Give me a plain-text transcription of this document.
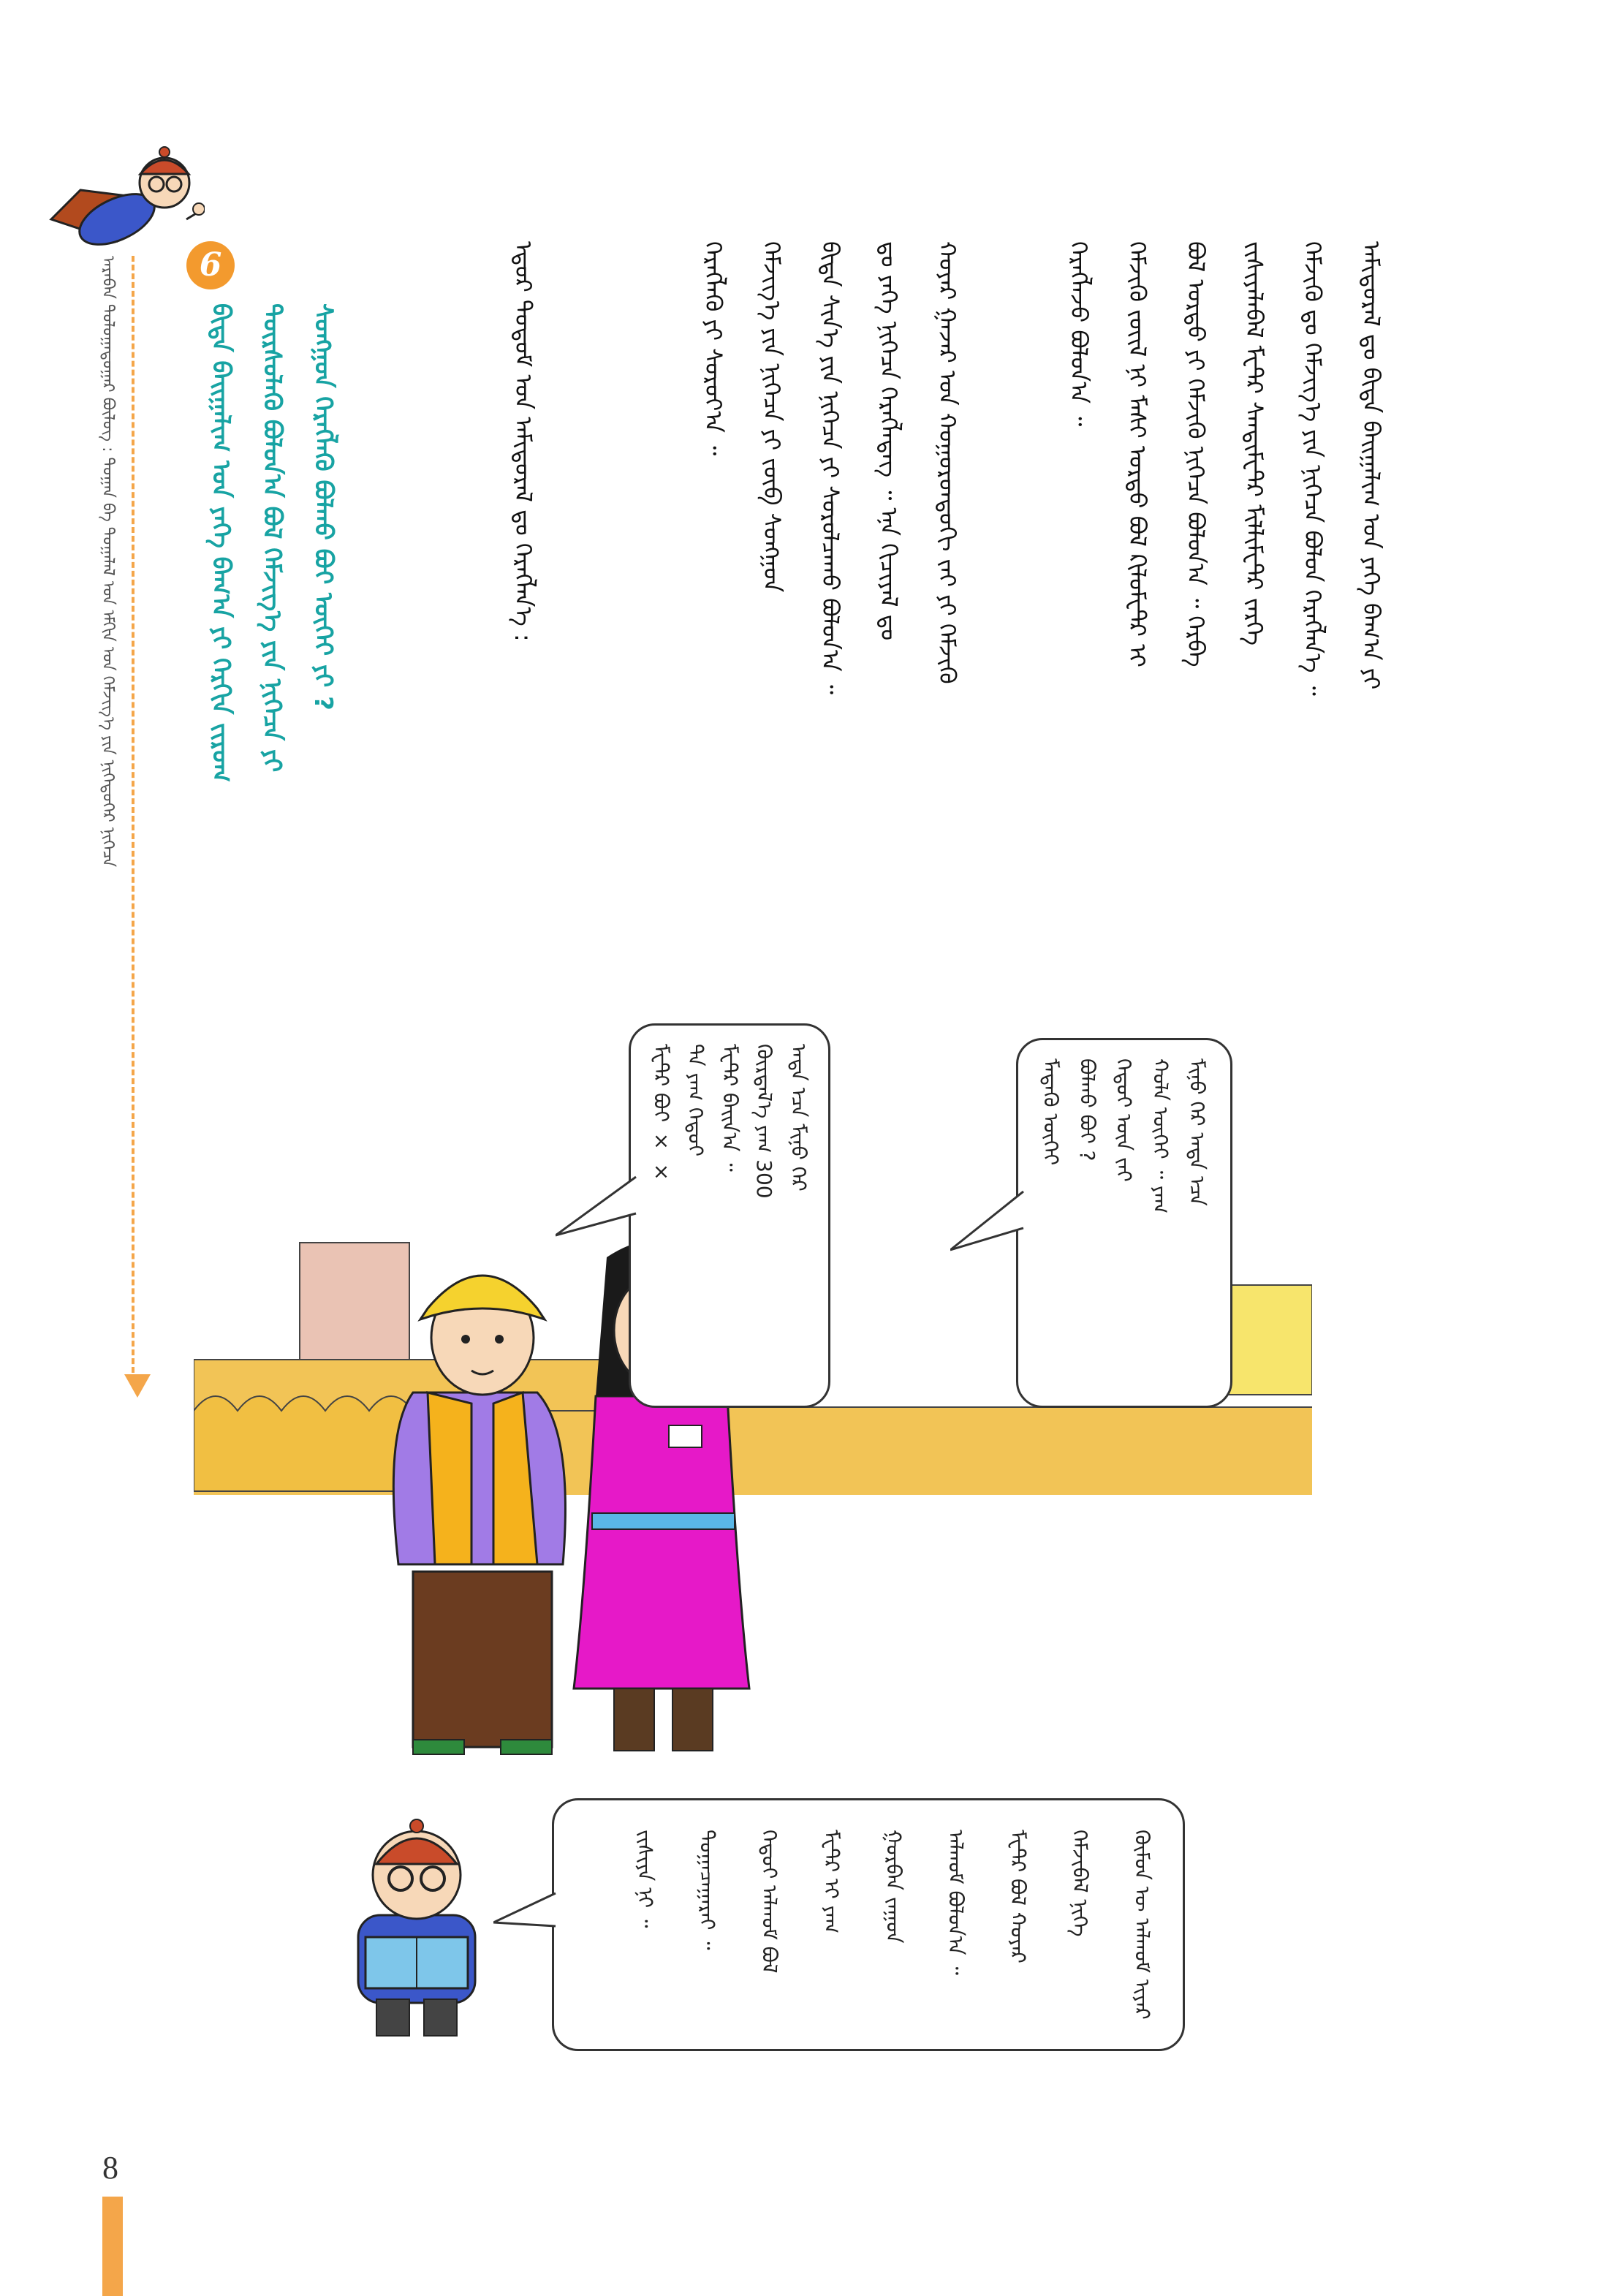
ᠠᠷᠠᠪᠠᠨ ᠳᠣᠯᠣᠭᠠᠳᠤᠭᠠᠷ ᠪᠦᠯᠦᠭ : ᠲᠣᠭᠠᠨ ᠪᠠ ᠲᠣᠭᠠᠯᠠᠯ ᠤᠨ ᠡᠮᠬᠢᠨ ᠤᠨ ᠬᠡᠮᠵᠢᠭ᠎ᠡ ᠶᠢᠨ ᠨᠢᠭᠡᠳᠦᠭᠡᠷ ᠨᠢᠭᠡᠴᠡ	6
ᠪᠢᠳᠡ ᠪᠠᠢᠭᠠᠯᠢᠭ ᠤᠨ ᠶᠡᠬᠡ ᠪᠠᠭ᠎ᠠ ᠶᠢ ᠬᠡᠷᠬᠢᠨ ᠵᠢᠷᠤᠭ ᠳᠦᠷᠰᠦᠯᠡᠬᠦ ᠪᠣᠯᠣᠨ᠎ᠠ ᠪᠣᠯ ᠬᠡᠮᠵᠢᠭ᠎ᠡ ᠶᠢᠨ ᠨᠢᠭᠡᠴᠡ ᠶᠢ ᠰᠣᠩᠭᠣᠨ ᠬᠡᠷᠡᠭᠯᠡᠬᠦ ᠪᠣᠯᠬᠤ ᠪᠤᠢ ᠦᠭᠡᠢ ᠶᠢ ?	ᠠᠮᠢᠳᠤᠷᠠᠯ ᠳᠤ ᠪᠢᠳᠡ ᠪᠠᠢᠭᠠᠯᠢᠭ ᠤᠨ ᠶᠡᠬᠡ ᠪᠠᠭ᠎ᠠ ᠶᠢ
ᠬᠡᠮᠵᠢᠬᠦ ᠳᠤ ᠬᠡᠮᠵᠢᠭ᠎ᠡ ᠶᠢᠨ ᠨᠢᠭᠡᠴᠡ ᠪᠣᠯᠤᠨ ᠬᠡᠷᠡᠭᠯᠡᠨ᠎ᠡ ᠃
ᠵᠢᠱᠢᠶᠡᠯᠡᠪᠡᠯ ᠮᠧᠲᠷ ᠰᠠᠨᠲᠢᠮᠧᠲᠷ ᠮᠢᠯᠯᠢᠮᠧᠲᠷ ᠵᠡᠷᠭᠡ
ᠪᠣᠯ ᠤᠷᠲᠤ ᠶᠢ ᠬᠡᠮᠵᠢᠬᠦ ᠨᠢᠭᠡᠴᠡ ᠪᠣᠯᠤᠨ᠎ᠠ ᠃ ᠬᠡᠷᠪᠡ
ᠬᠡᠮᠵᠢᠬᠦ ᠵᠦᠢᠯ ᠨᠢ ᠮᠠᠰᠢ ᠤᠷᠲᠤ ᠪᠣᠯ ᠺᠢᠯᠣᠮᠧᠲᠷ ᠢ
ᠬᠡᠷᠡᠭᠯᠡᠵᠦ ᠪᠣᠯᠣᠨ᠎ᠠ ᠃
ᠬᠣᠶᠠᠷ ᠭᠠᠵᠠᠷ ᠤᠨ ᠬᠣᠭᠣᠷᠣᠨᠳᠣᠬᠢ ᠵᠠᠢ ᠶᠢ ᠬᠡᠮᠵᠢᠬᠦ
ᠳᠤ ᠶᠡᠬᠡ ᠨᠢᠭᠡᠴᠡ ᠬᠡᠷᠡᠭᠯᠡᠳᠡᠭ ᠃ ᠡᠨᠡ ᠬᠢᠴᠢᠶᠡᠯ ᠳᠤ
ᠪᠢᠳᠡ ᠰᠢᠨ᠎ᠡ ᠶᠢᠨ ᠨᠢᠭᠡᠴᠡ ᠶᠢ ᠰᠤᠷᠤᠯᠴᠠᠬᠤ ᠪᠣᠯᠣᠨ᠎ᠠ ᠃
ᠬᠡᠮᠵᠢᠭ᠎ᠡ ᠶᠢᠨ ᠨᠢᠭᠡᠴᠡ ᠶᠢ ᠵᠥᠪ ᠰᠣᠩᠭᠣᠨ
ᠬᠡᠷᠡᠭᠯᠡᠬᠦ ᠶᠢ ᠰᠤᠷᠤᠶ᠎ᠠ ᠃
ᠡᠳᠦᠷ ᠲᠤᠲᠤᠮ ᠤᠨ ᠠᠮᠢᠳᠤᠷᠠᠯ ᠳᠤ ᠬᠡᠷᠡᠭᠯᠡᠨ᠎ᠡ :
ᠮᠢᠨᠤ ᠭᠡᠷ ᠡᠨᠳᠡ ᠡᠴᠡ
ᠬᠣᠯᠠ ᠦᠭᠡᠢ ᠃ ᠶᠠᠭ
ᠬᠡᠳᠦᠢ ᠦᠨ ᠵᠠᠢ
ᠪᠣᠯᠬᠤ ᠪᠣᠢ ?
ᠮᠡᠳᠡᠬᠦ ᠦᠭᠡᠢ
ᠡᠨᠳᠡ ᠡᠴᠡ ᠮᠢᠨᠤ ᠭᠡᠷ
ᠬᠦᠷᠲᠡᠯ᠎ᠡ ᠶᠠᠭ 300
ᠮᠧᠲᠷ ᠪᠠᠢᠨ᠎ᠠ ᠃
ᠲᠠ ᠶᠠᠭ ᠬᠡᠳᠦᠢ
ᠮᠧᠲᠷ ᠪᠣᠢ × ×
ᠬᠦᠮᠦᠨ ᠦ ᠠᠯᠬᠤᠮ ᠢᠶᠠᠷ
ᠬᠡᠮᠵᠢᠪᠡᠯ ᠨᠢᠭᠡ
ᠮᠧᠲᠷ ᠪᠣᠯ ᠬᠣᠶᠠᠷ
ᠠᠯᠬᠤᠮ ᠪᠣᠯᠣᠨ᠎ᠠ ᠃
ᠭᠤᠷᠪᠠᠨ ᠵᠠᠭᠤᠨ
ᠮᠧᠲᠷ ᠢ ᠶᠠᠭ
ᠬᠡᠳᠦᠢ ᠠᠯᠬᠤᠮ ᠪᠣᠯ
ᠲᠣᠭᠠᠴᠠᠭᠠᠷᠠᠢ ᠃
ᠵᠢᠱᠢᠶᠡ ᠨᠢ ᠃
8
